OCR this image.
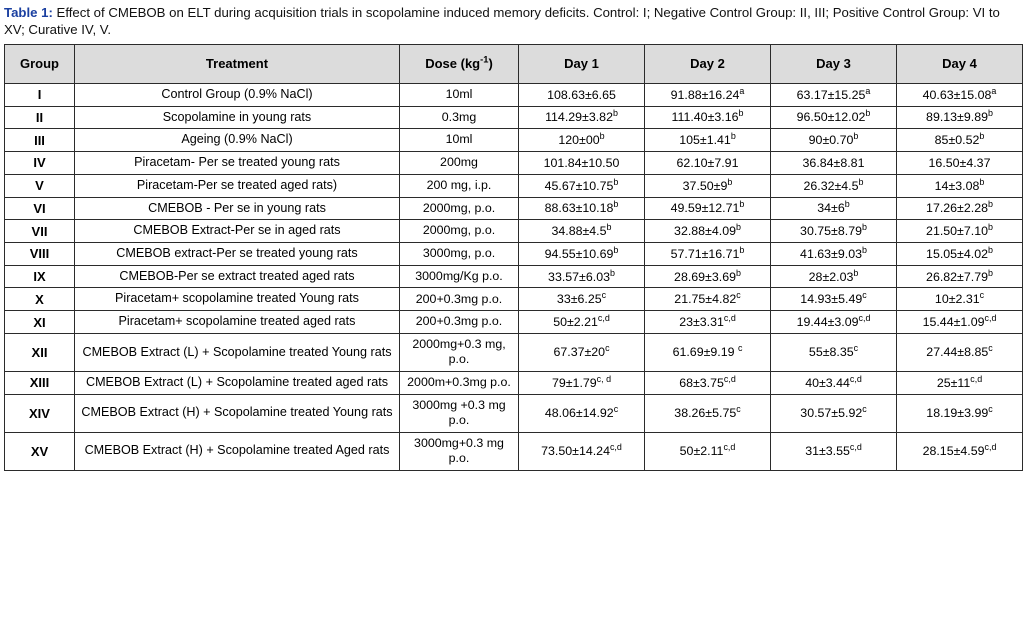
Table 1: Effect of CMEBOB on ELT during acquisition trials in scopolamine induced memory deficits. Control: I; Negative Control Group: II, III; Positive Control Group: VI to XV; Curative IV, V.

Group	Treatment	Dose $(kg^{-1})$	Day 1	Day 2	Day 3	Day 4
I	Control Group (0.9% NaCl)	10ml	108.63±6.65	91.88±16.24$^a$	63.17±15.25$^a$	40.63±15.08$^a$
II	Scopolamine in young rats	0.3mg	114.29±3.82$^b$	111.40±3.16$^b$	96.50±12.02$^b$	89.13±9.89$^b$
III	Ageing (0.9% NaCl)	10ml	$120\pm 00^b$	105±1.41$^b$	90±0.70$^b$	85±0.52$^b$
IV	Piracetam- Per se treated young rats	200mg	101.84±10.50	62.10±7.91	36.84±8.81	16.50±4.37
V	Piracetam-Per se treated aged rats)	200 mg, i.p.	45.67±10.75$^b$	$37.50\pm 9^b$	26.32±4.5$^b$	14±3.08$^b$
VI	CMEBOB - Per se in young rats	2000mg, p.o.	88.63±10.18$^b$	49.59±12.71$^b$	$34\pm 6^b$	17.26±2.28$^b$
VII	CMEBOB Extract-Per se in aged rats	2000mg, p.o.	34.88±4.5$^b$	32.88±4.09$^b$	30.75±8.79$^b$	21.50±7.10$^b$
VIII	CMEBOB extract-Per se treated young rats	3000mg, p.o.	94.55±10.69$^b$	57.71±16.71$^b$	41.63±9.03$^b$	15.05±4.02$^b$
IX	CMEBOB-Per se extract treated aged rats	3000mg/Kg p.o.	33.57±6.03$^b$	28.69±3.69$^b$	28±2.03$^b$	26.82±7.79$^b$
X	Piracetam+ scopolamine treated Young rats	200+0.3mg p.o.	33±6.25$^c$	21.75±4.82$^c$	14.93±5.49$^c$	10±2.31$^c$
XI	Piracetam+ scopolamine treated aged rats	200+0.3mg p.o.	$50\pm 2.21^{c,d}$	$23\pm 3.31^{c,d}$	$19.44\pm 3.09^{c,d}$	$15.44\pm 1.09^{c,d}$
XII	CMEBOB Extract (L) + Scopolamine treated Young rats	2000mg+0.3 mg, p.o.	$67.37\pm 20^c$	61.69±9.19 $^c$	55±8.35$^c$	27.44±8.85$^c$
XIII	CMEBOB Extract (L) + Scopolamine treated aged rats	2000m+0.3mg p.o.	$79\pm 1.79^{c, d}$	$68\pm 3.75^{c,d}$	$40\pm 3.44^{c,d}$	$25\pm 11^{c,d}$
XIV	CMEBOB Extract (H) + Scopolamine treated Young rats	3000mg +0.3 mg p.o.	48.06±14.92$^c$	38.26±5.75$^c$	30.57±5.92$^c$	18.19±3.99$^c$
XV	CMEBOB Extract (H) + Scopolamine treated Aged rats	3000mg+0.3 mg p.o.	$73.50\pm 14.24^{c,d}$	$50\pm 2.11^{c,d}$	$31\pm 3.55^{c,d}$	$28.15\pm 4.59^{c,d}$
